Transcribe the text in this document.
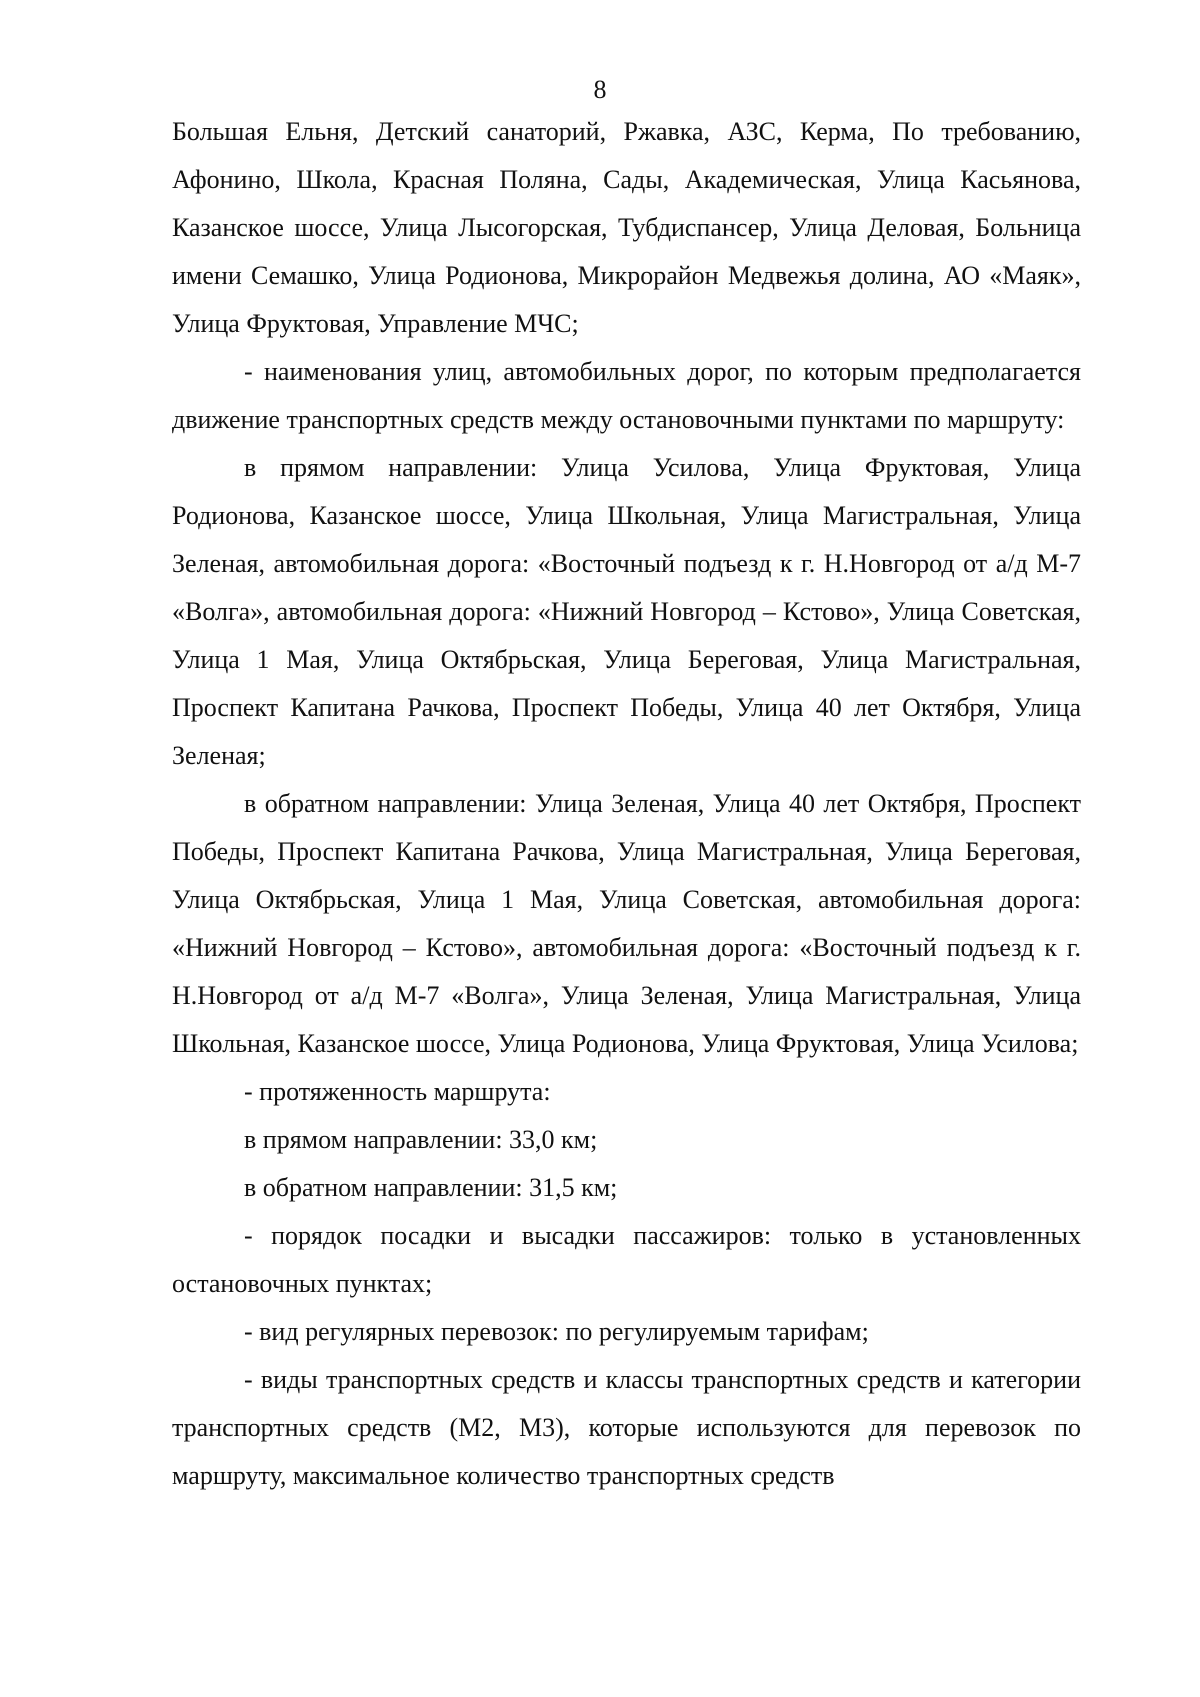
8

Большая Ельня, Детский санаторий, Ржавка, АЗС, Керма, По требованию, Афонино, Школа, Красная Поляна, Сады, Академическая, Улица Касьянова, Казанское шоссе, Улица Лысогорская, Тубдиспансер, Улица Деловая, Больница имени Семашко, Улица Родионова, Микрорайон Медвежья долина, АО «Маяк», Улица Фруктовая, Управление МЧС;

- наименования улиц, автомобильных дорог, по которым предполагается движение транспортных средств между остановочными пунктами по маршруту:

в прямом направлении: Улица Усилова, Улица Фруктовая, Улица Родионова, Казанское шоссе, Улица Школьная, Улица Магистральная, Улица Зеленая, автомобильная дорога: «Восточный подъезд к г. Н.Новгород от а/д М-7 «Волга», автомобильная дорога: «Нижний Новгород – Кстово», Улица Советская, Улица 1 Мая, Улица Октябрьская, Улица Береговая, Улица Магистральная, Проспект Капитана Рачкова, Проспект Победы, Улица 40 лет Октября, Улица Зеленая;

в обратном направлении: Улица Зеленая, Улица 40 лет Октября, Проспект Победы, Проспект Капитана Рачкова, Улица Магистральная, Улица Береговая, Улица Октябрьская, Улица 1 Мая, Улица Советская, автомобильная дорога: «Нижний Новгород – Кстово», автомобильная дорога: «Восточный подъезд к г. Н.Новгород от а/д М-7 «Волга», Улица Зеленая, Улица Магистральная, Улица Школьная, Казанское шоссе, Улица Родионова, Улица Фруктовая, Улица Усилова;

- протяженность маршрута:

в прямом направлении: 33,0 км;

в обратном направлении: 31,5 км;

- порядок посадки и высадки пассажиров: только в установленных остановочных пунктах;

- вид регулярных перевозок: по регулируемым тарифам;

- виды транспортных средств и классы транспортных средств и категории транспортных средств (М2, М3), которые используются для перевозок по маршруту, максимальное количество транспортных средств
